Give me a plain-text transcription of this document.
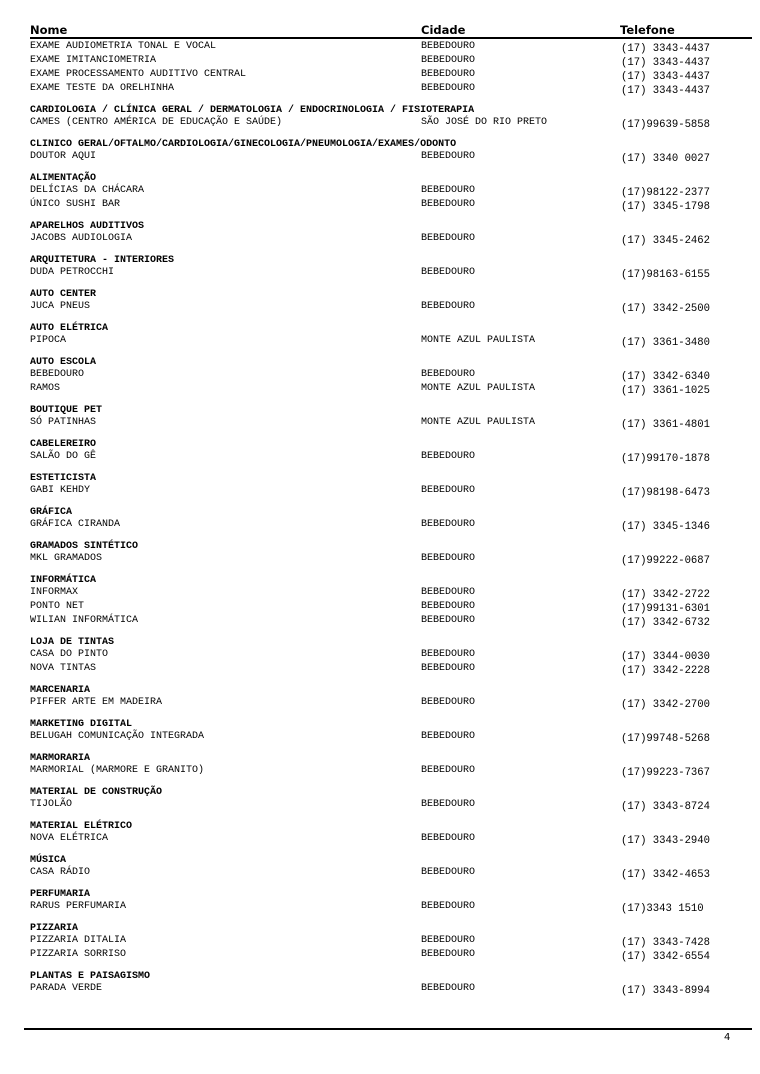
Nome	Cidade	Telefone
EXAME AUDIOMETRIA TONAL E VOCAL	BEBEDOURO	(17) 3343-4437
EXAME IMITANCIOMETRIA	BEBEDOURO	(17) 3343-4437
EXAME PROCESSAMENTO AUDITIVO CENTRAL	BEBEDOURO	(17) 3343-4437
EXAME TESTE DA ORELHINHA	BEBEDOURO	(17) 3343-4437
CARDIOLOGIA / CLÍNICA GERAL / DERMATOLOGIA / ENDOCRINOLOGIA / FISIOTERAPIA
CAMES (CENTRO AMÉRICA DE EDUCAÇÃO E SAÚDE)	SÃO JOSÉ DO RIO PRETO	(17)99639-5858
CLINICO GERAL/OFTALMO/CARDIOLOGIA/GINECOLOGIA/PNEUMOLOGIA/EXAMES/ODONTO
DOUTOR AQUI	BEBEDOURO	(17) 3340 0027
ALIMENTAÇÃO
DELÍCIAS DA CHÁCARA	BEBEDOURO	(17)98122-2377
ÚNICO SUSHI BAR	BEBEDOURO	(17) 3345-1798
APARELHOS AUDITIVOS
JACOBS AUDIOLOGIA	BEBEDOURO	(17) 3345-2462
ARQUITETURA - INTERIORES
DUDA PETROCCHI	BEBEDOURO	(17)98163-6155
AUTO CENTER
JUCA PNEUS	BEBEDOURO	(17) 3342-2500
AUTO ELÉTRICA
PIPOCA	MONTE AZUL PAULISTA	(17) 3361-3480
AUTO ESCOLA
BEBEDOURO	BEBEDOURO	(17) 3342-6340
RAMOS	MONTE AZUL PAULISTA	(17) 3361-1025
BOUTIQUE PET
SÓ PATINHAS	MONTE AZUL PAULISTA	(17) 3361-4801
CABELEREIRO
SALÃO DO GÊ	BEBEDOURO	(17)99170-1878
ESTETICISTA
GABI KEHDY	BEBEDOURO	(17)98198-6473
GRÁFICA
GRÁFICA CIRANDA	BEBEDOURO	(17) 3345-1346
GRAMADOS SINTÉTICO
MKL GRAMADOS	BEBEDOURO	(17)99222-0687
INFORMÁTICA
INFORMAX	BEBEDOURO	(17) 3342-2722
PONTO NET	BEBEDOURO	(17)99131-6301
WILIAN INFORMÁTICA	BEBEDOURO	(17) 3342-6732
LOJA DE TINTAS
CASA DO PINTO	BEBEDOURO	(17) 3344-0030
NOVA TINTAS	BEBEDOURO	(17) 3342-2228
MARCENARIA
PIFFER ARTE EM MADEIRA	BEBEDOURO	(17) 3342-2700
MARKETING DIGITAL
BELUGAH COMUNICAÇÃO INTEGRADA	BEBEDOURO	(17)99748-5268
MARMORARIA
MARMORIAL (MARMORE E GRANITO)	BEBEDOURO	(17)99223-7367
MATERIAL DE CONSTRUÇÃO
TIJOLÃO	BEBEDOURO	(17) 3343-8724
MATERIAL ELÉTRICO
NOVA ELÉTRICA	BEBEDOURO	(17) 3343-2940
MÚSICA
CASA RÁDIO	BEBEDOURO	(17) 3342-4653
PERFUMARIA
RARUS PERFUMARIA	BEBEDOURO	(17)3343 1510
PIZZARIA
PIZZARIA DITALIA	BEBEDOURO	(17) 3343-7428
PIZZARIA SORRISO	BEBEDOURO	(17) 3342-6554
PLANTAS E PAISAGISMO
PARADA VERDE	BEBEDOURO	(17) 3343-8994
4
